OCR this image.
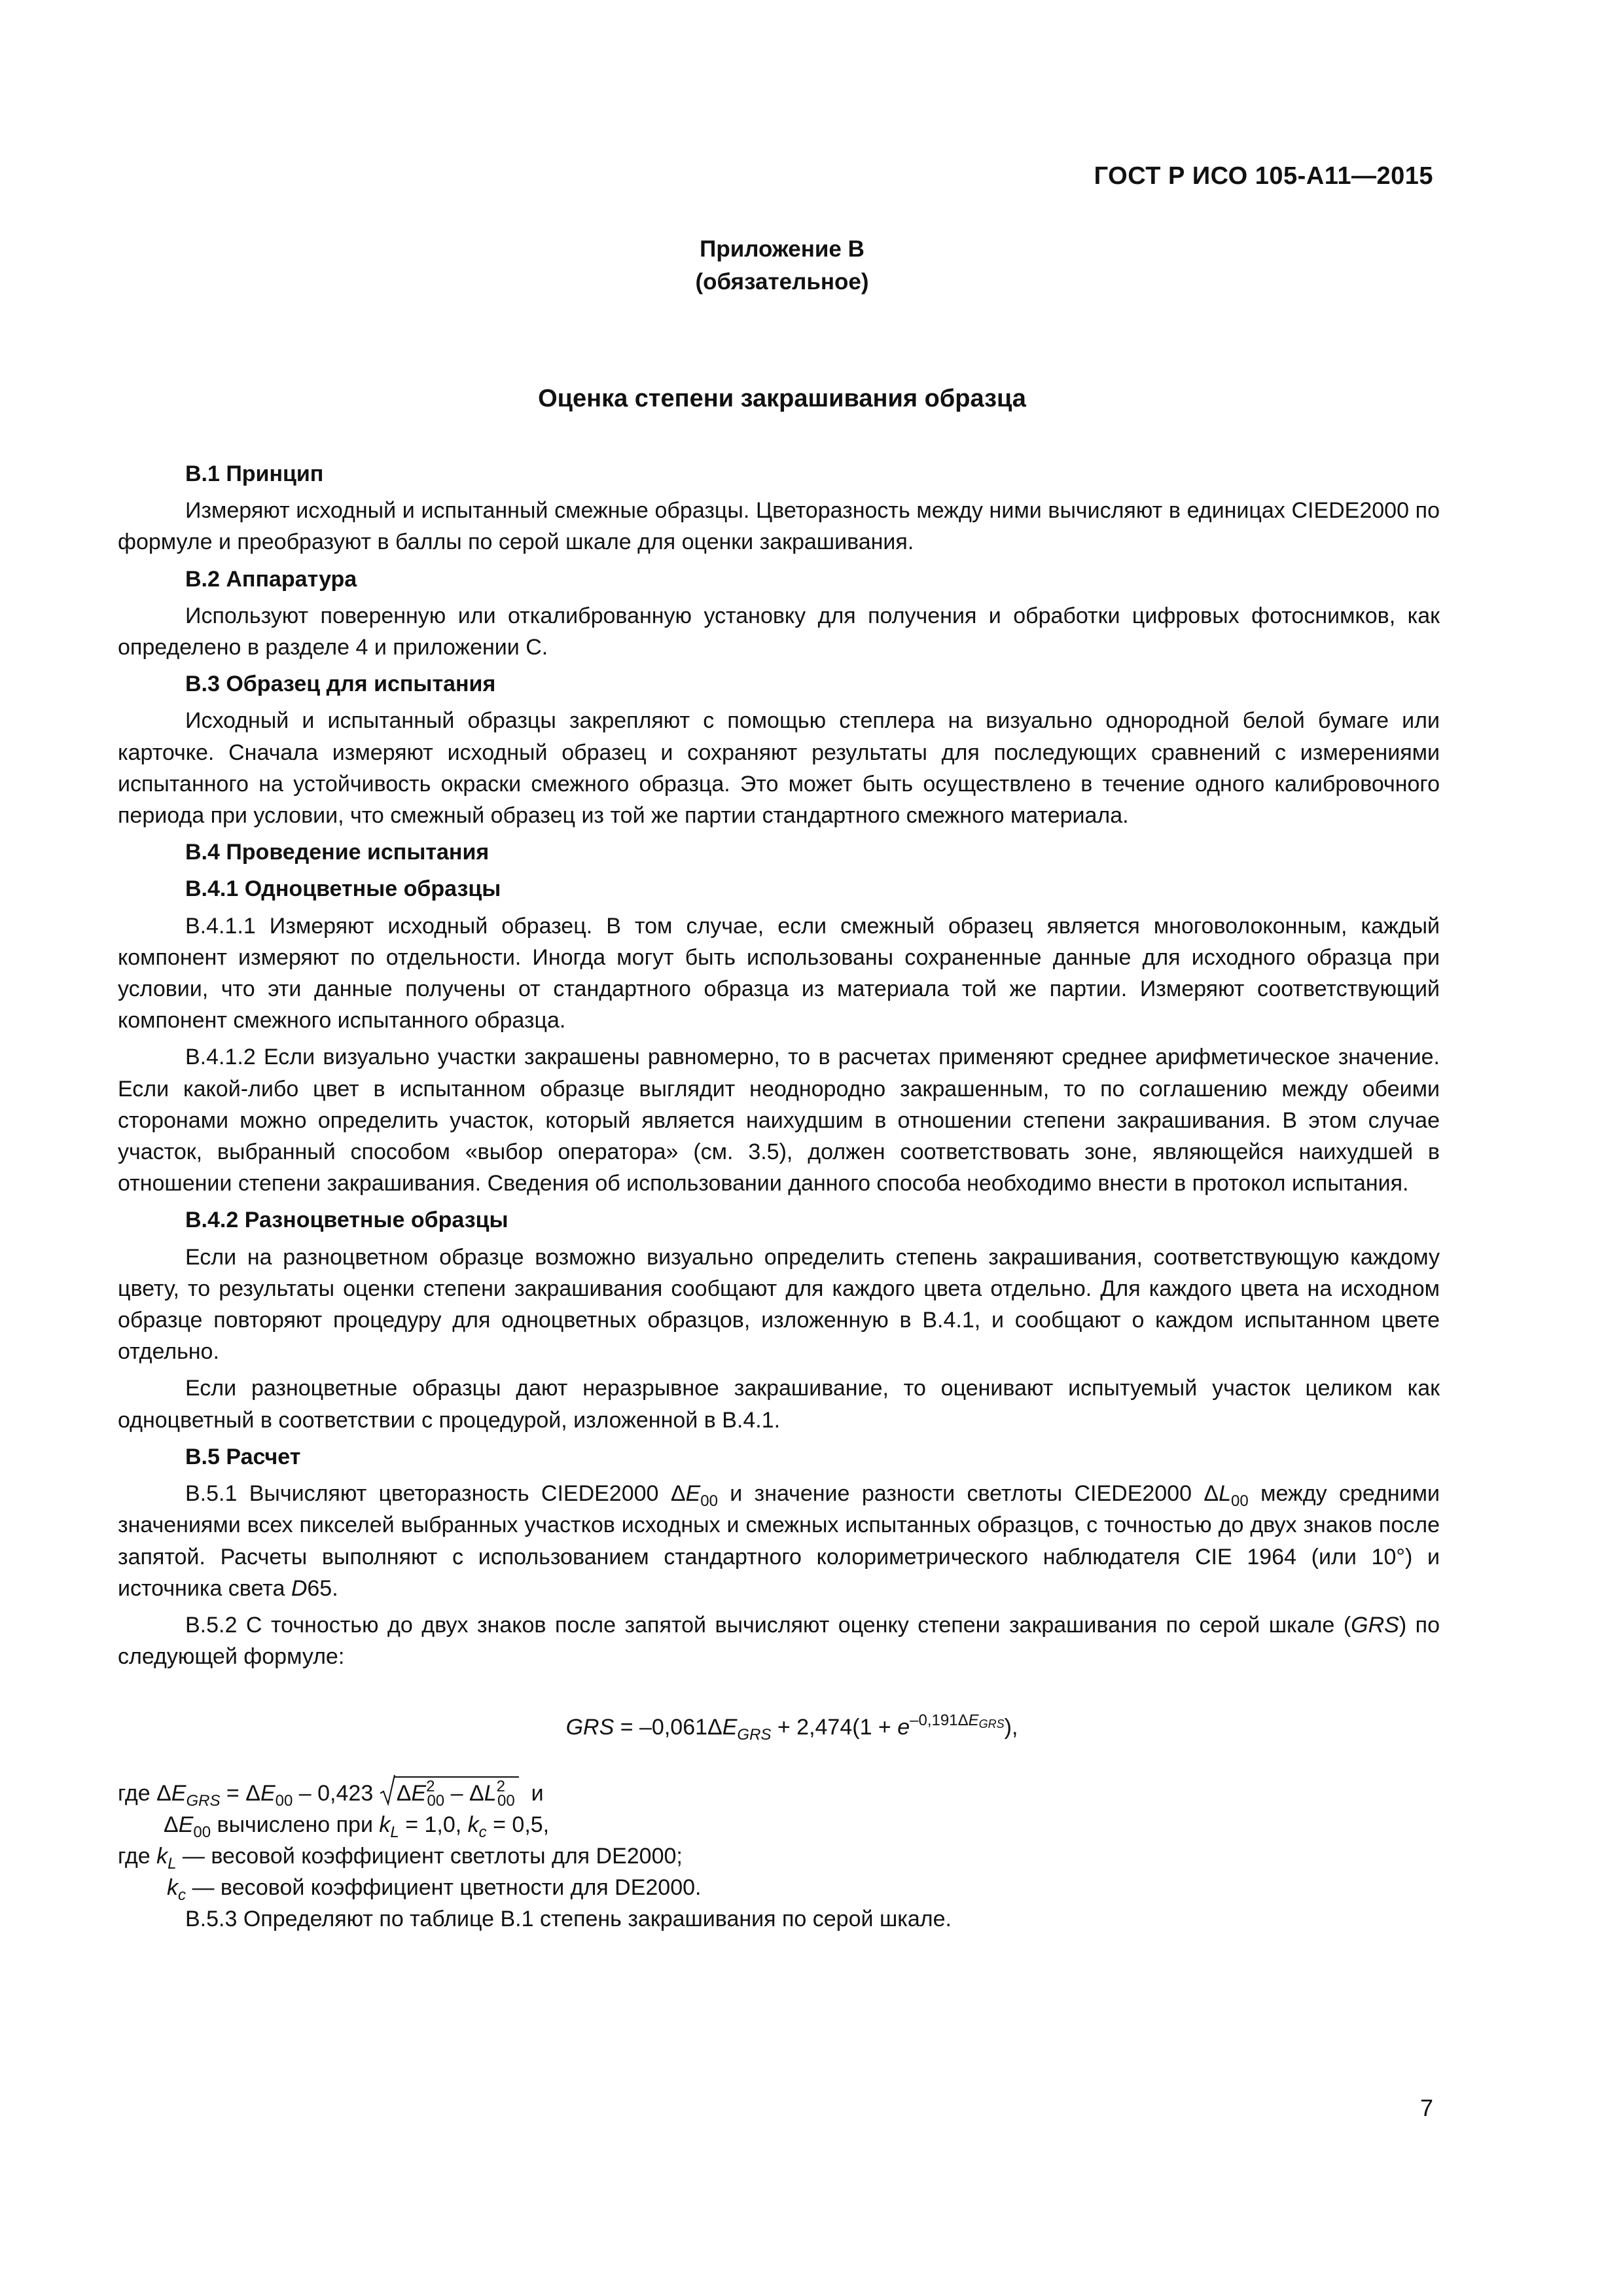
ГОСТ Р ИСО 105-А11—2015
Приложение В
(обязательное)
Оценка степени закрашивания образца
В.1 Принцип
Измеряют исходный и испытанный смежные образцы. Цветоразность между ними вычисляют в единицах CIEDE2000 по формуле и преобразуют в баллы по серой шкале для оценки закрашивания.
В.2 Аппаратура
Используют поверенную или откалиброванную установку для получения и обработки цифровых фотоснимков, как определено в разделе 4 и приложении С.
В.3 Образец для испытания
Исходный и испытанный образцы закрепляют с помощью степлера на визуально однородной белой бумаге или карточке. Сначала измеряют исходный образец и сохраняют результаты для последующих сравнений с измерениями испытанного на устойчивость окраски смежного образца. Это может быть осуществлено в течение одного калибровочного периода при условии, что смежный образец из той же партии стандартного смежного материала.
В.4 Проведение испытания
В.4.1 Одноцветные образцы
В.4.1.1 Измеряют исходный образец. В том случае, если смежный образец является многоволоконным, каждый компонент измеряют по отдельности. Иногда могут быть использованы сохраненные данные для исходного образца при условии, что эти данные получены от стандартного образца из материала той же партии. Измеряют соответствующий компонент смежного испытанного образца.
В.4.1.2 Если визуально участки закрашены равномерно, то в расчетах применяют среднее арифметическое значение. Если какой-либо цвет в испытанном образце выглядит неоднородно закрашенным, то по соглашению между обеими сторонами можно определить участок, который является наихудшим в отношении степени закрашивания. В этом случае участок, выбранный способом «выбор оператора» (см. 3.5), должен соответствовать зоне, являющейся наихудшей в отношении степени закрашивания. Сведения об использовании данного способа необходимо внести в протокол испытания.
В.4.2 Разноцветные образцы
Если на разноцветном образце возможно визуально определить степень закрашивания, соответствующую каждому цвету, то результаты оценки степени закрашивания сообщают для каждого цвета отдельно. Для каждого цвета на исходном образце повторяют процедуру для одноцветных образцов, изложенную в В.4.1, и сообщают о каждом испытанном цвете отдельно.
Если разноцветные образцы дают неразрывное закрашивание, то оценивают испытуемый участок целиком как одноцветный в соответствии с процедурой, изложенной в В.4.1.
В.5 Расчет
В.5.1 Вычисляют цветоразность CIEDE2000 $\Delta E_{00}$ и значение разности светлоты CIEDE2000 $\Delta L_{00}$ между средними значениями всех пикселей выбранных участков исходных и смежных испытанных образцов, с точностью до двух знаков после запятой. Расчеты выполняют с использованием стандартного колориметрического наблюдателя CIE 1964 (или 10°) и источника света D65.
В.5.2 С точностью до двух знаков после запятой вычисляют оценку степени закрашивания по серой шкале (GRS) по следующей формуле:
GRS = $-0,061\Delta E_{GRS} + 2,474(1 + e^{-0,191\Delta E_{GRS}})$,
где $\Delta E_{GRS} = \Delta E_{00} - 0,423$
$\Delta E^2_{00} - \Delta L^2_{00}$ и
$\Delta E_{00}$ вычислено при $k_L = 1,0$, $k_c = 0,5$,
где $k_L$ — весовой коэффициент светлоты для DE2000;
$k_c$ — весовой коэффициент цветности для DE2000.
В.5.3 Определяют по таблице В.1 степень закрашивания по серой шкале.
7
